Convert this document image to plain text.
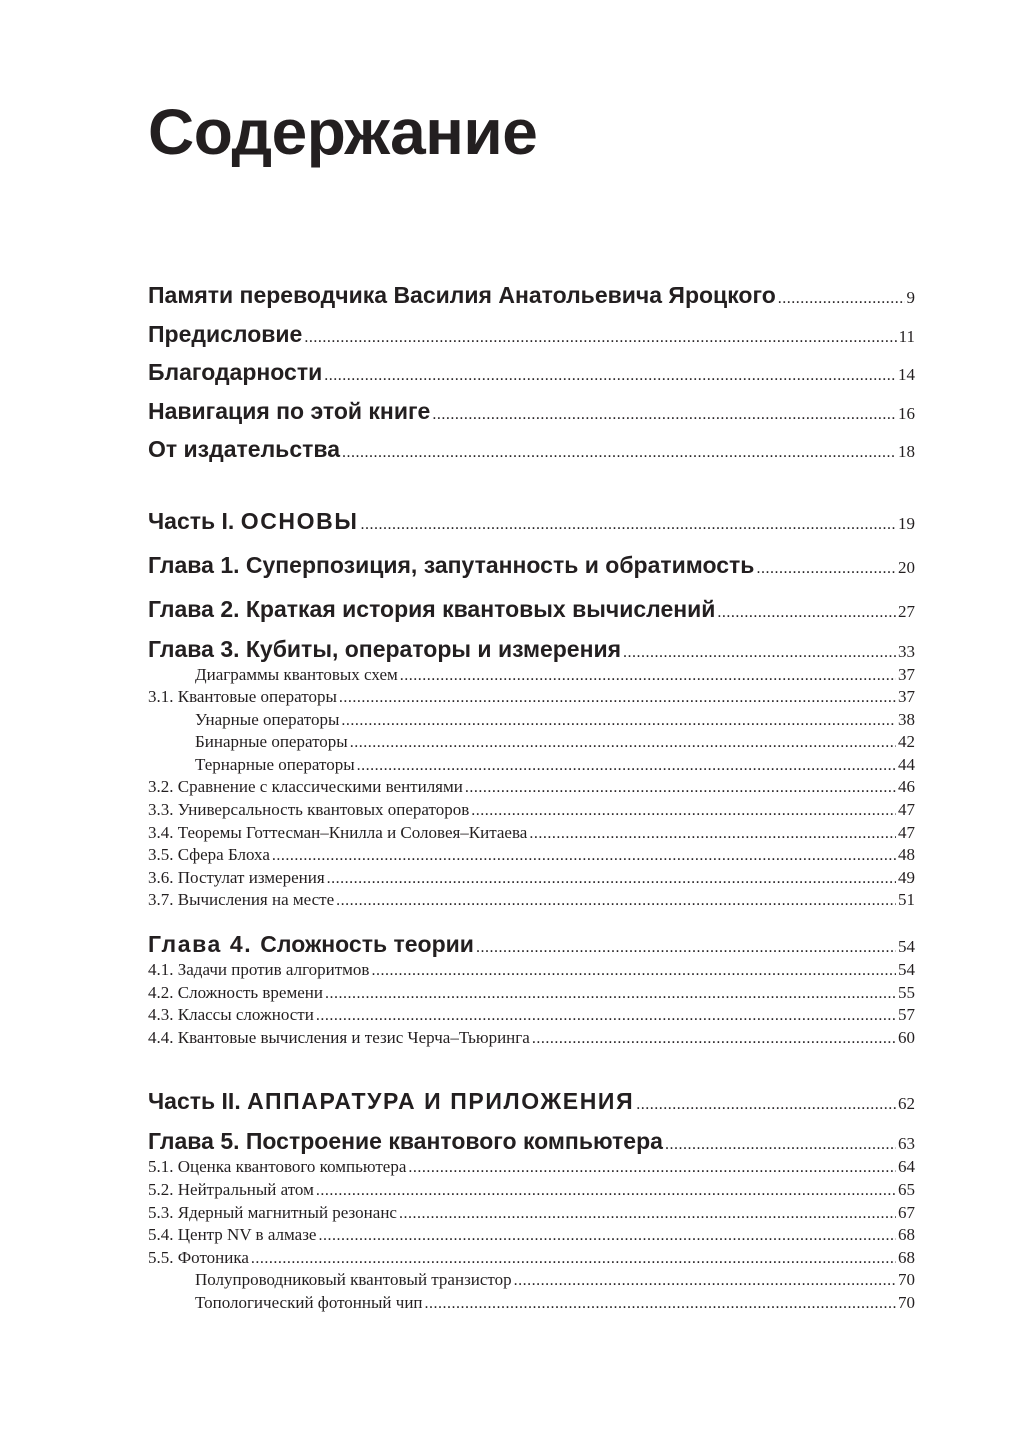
Содержание
Памяти переводчика Василия Анатольевича Яроцкого .....	9
Предисловие .....	11
Благодарности .....	14
Навигация по этой книге .....	16
От издательства .....	18
Часть I. ОСНОВЫ .....	19
Глава 1. Суперпозиция, запутанность и обратимость .....	20
Глава 2. Краткая история квантовых вычислений .....	27
Глава 3. Кубиты, операторы и измерения .....	33
Диаграммы квантовых схем .....	37
3.1. Квантовые операторы .....	37
Унарные операторы .....	38
Бинарные операторы .....	42
Тернарные операторы .....	44
3.2. Сравнение с классическими вентилями .....	46
3.3. Универсальность квантовых операторов .....	47
3.4. Теоремы Готтесман–Книлла и Соловея–Китаева .....	47
3.5. Сфера Блоха .....	48
3.6. Постулат измерения .....	49
3.7. Вычисления на месте .....	51
Глава 4. Сложность теории .....	54
4.1. Задачи против алгоритмов .....	54
4.2. Сложность времени .....	55
4.3. Классы сложности .....	57
4.4. Квантовые вычисления и тезис Черча–Тьюринга .....	60
Часть II. АППАРАТУРА И ПРИЛОЖЕНИЯ .....	62
Глава 5. Построение квантового компьютера .....	63
5.1. Оценка квантового компьютера .....	64
5.2. Нейтральный атом .....	65
5.3. Ядерный магнитный резонанс .....	67
5.4. Центр NV в алмазе .....	68
5.5. Фотоника .....	68
Полупроводниковый квантовый транзистор .....	70
Топологический фотонный чип .....	70
